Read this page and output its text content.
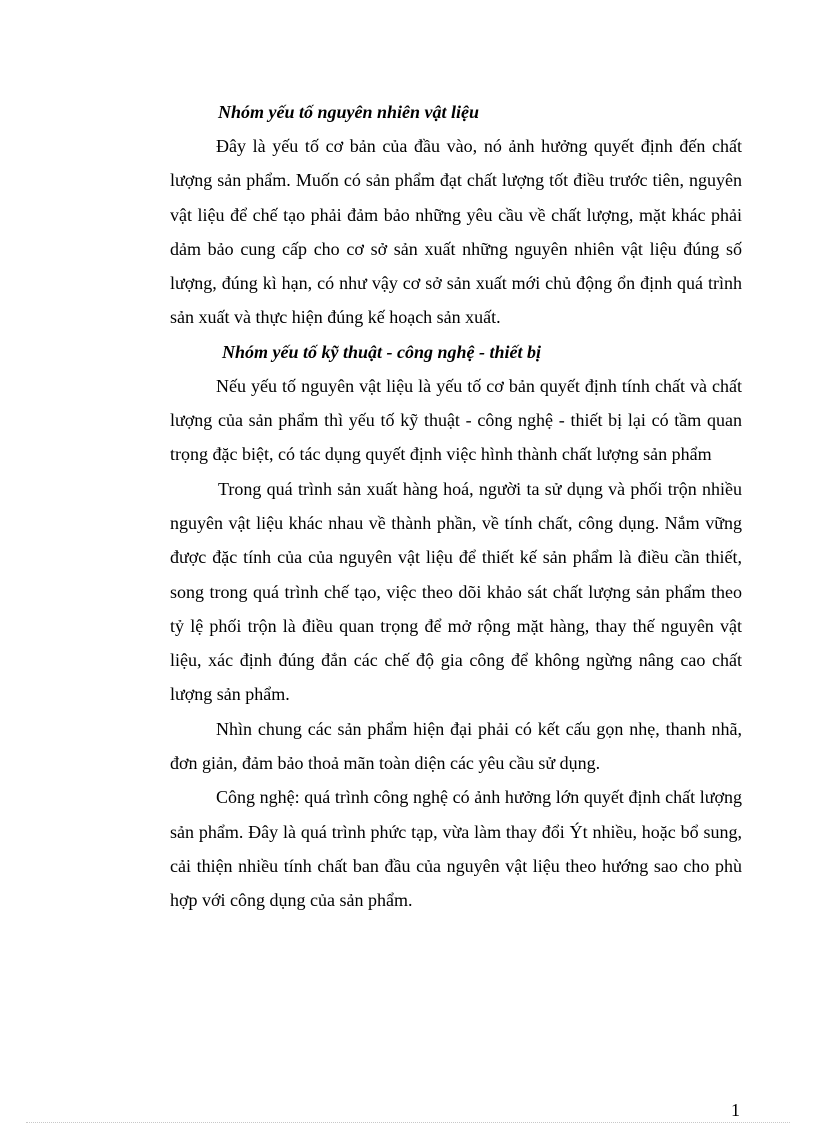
Nhóm yếu tố nguyên nhiên vật liệu

Đây là yếu tố cơ bản của đầu vào, nó ảnh hưởng quyết định đến chất lượng sản phẩm. Muốn có sản phẩm đạt chất lượng tốt điều trước tiên, nguyên vật liệu để chế tạo phải đảm bảo những yêu cầu về chất lượng, mặt khác phải dảm bảo cung cấp cho cơ sở sản xuất những nguyên nhiên vật liệu đúng số lượng, đúng kì hạn, có như vậy cơ sở sản xuất mới chủ động ổn định quá trình sản xuất và thực hiện đúng kế hoạch sản xuất.

Nhóm yếu tố kỹ thuật - công nghệ - thiết bị

Nếu yếu tố nguyên vật liệu là yếu tố cơ bản quyết định tính chất và chất lượng của sản phẩm thì yếu tố kỹ thuật - công nghệ - thiết bị lại có tầm quan trọng đặc biệt, có tác dụng quyết định việc hình thành chất lượng sản phẩm

Trong quá trình sản xuất hàng hoá, người ta sử dụng và phối trộn nhiều nguyên vật liệu khác nhau về thành phần, về tính chất, công dụng. Nắm vững được đặc tính của của nguyên vật liệu để thiết kế sản phẩm là điều cần thiết, song trong quá trình chế tạo, việc theo dõi khảo sát chất lượng sản phẩm theo tỷ lệ phối trộn là điều quan trọng để mở rộng mặt hàng, thay thế nguyên vật liệu, xác định đúng đắn các chế độ gia công để không ngừng nâng cao chất lượng sản phẩm.

Nhìn chung các sản phẩm hiện đại phải có kết cấu gọn nhẹ, thanh nhã, đơn giản, đảm bảo thoả mãn toàn diện các yêu cầu sử dụng.

Công nghệ: quá trình công nghệ có ảnh hưởng lớn quyết định chất lượng sản phẩm. Đây là quá trình phức tạp, vừa làm thay đổi Ýt nhiều, hoặc bổ sung, cải thiện nhiều tính chất ban đầu của nguyên vật liệu theo hướng sao cho phù hợp với công dụng của sản phẩm.

1
